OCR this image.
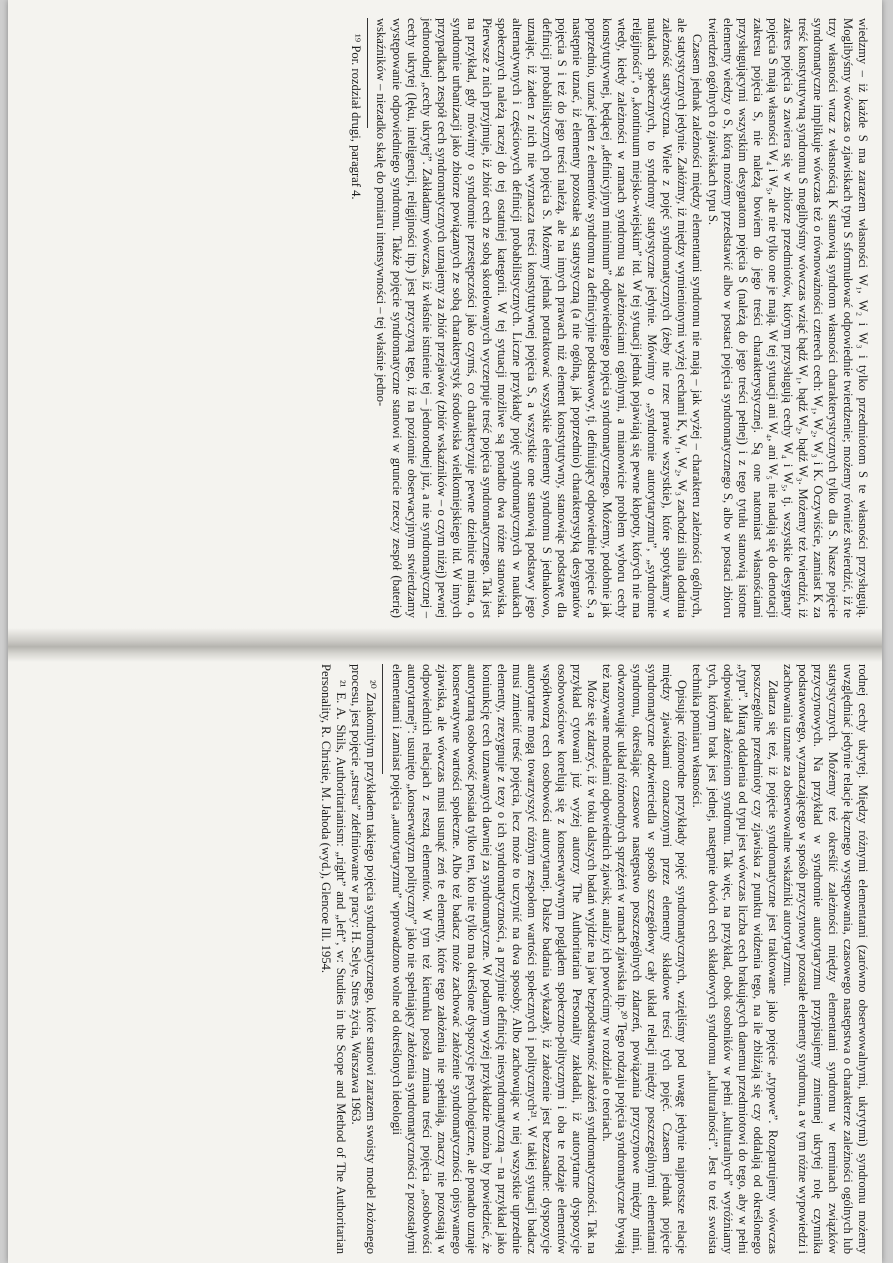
wiedzmy – iż każde S ma zarazem własności W₁, W₂ i W₃ i tylko przedmiotom S te własności przysługują. Moglibyśmy wówczas o zjawiskach typu S sformułować odpowiednie twierdzenie; możemy również stwierdzić, iż te trzy własności wraz z własnością K stanowią syndrom własności charakterystycznych tylko dla S. Nasze pojęcie syndromatyczne implikuje wówczas też o równoważności czterech cech: W₁, W₂, W₃ i K. Oczywiście, zamiast K za treść konstytutywną syndromu S moglibyśmy wówczas wziąć bądź W₁, bądź W₂, bądź W₃. Możemy też twierdzić, iż zakres pojęcia S zawiera się w zbiorze przedmiotów, którym przysługują cechy W₄ i W₅, tj. wszystkie desygnaty pojęcia S mają własności W₄ i W₅, ale nie tylko one je mają. W tej sytuacji ani W₄, ani W₅ nie nadają się do denotacji zakresu pojęcia S, nie należą bowiem do jego treści charakterystycznej. Są one natomiast własnościami przysługującymi wszystkim desygnatom pojęcia S (należą do jego treści pełnej) i z tego tytułu stanowią istotne elementy wiedzy o S, którą możemy przedstawić albo w postaci pojęcia syndromatycznego S, albo w postaci zbioru twierdzeń ogólnych o zjawiskach typu S.

Czasem jednak zależności między elementami syndromu nie mają – jak wyżej – charakteru zależności ogólnych, ale statystycznych jedynie. Załóżmy, iż między wymienionymi wyżej cechami K, W₁, W₂, W₃ zachodzi silna dodatnia zależność statystyczna. Wiele z pojęć syndromatycznych (żeby nie rzec prawie wszystkie), które spotykamy w naukach społecznych, to syndromy statystyczne jedynie. Mówimy o „syndromie autorytaryzmu”, „syndromie religijności”, o „kontinuum miejsko-wiejskim” itd. W tej sytuacji jednak pojawiają się pewne kłopoty, których nie ma wtedy, kiedy zależności w ramach syndromu są zależnościami ogólnymi, a mianowicie problem wyboru cechy konstytutywnej, będącej „definicyjnym minimum” odpowiedniego pojęcia syndromatycznego. Możemy, podobnie jak poprzednio, uznać jeden z elementów syndromu za definicyjnie podstawowy, tj. definiujący odpowiednie pojęcie S, a następnie uznać, iż elementy pozostałe są statystyczną (a nie ogólną, jak poprzednio) charakterystyką desygnatów pojęcia S i też do jego treści należą, ale na innych prawach niż element konstytutywny, stanowiąc podstawę dla definicji probabilistycznych pojęcia S. Możemy jednak potraktować wszystkie elementy syndromu S jednakowo, uznając, iż żaden z nich nie wyznacza treści konstytutywnej pojęcia S, a wszystkie one stanowią podstawy jego alternatywnych i częściowych definicji probabilistycznych. Liczne przykłady pojęć syndromatycznych w naukach społecznych należą raczej do tej ostatniej kategorii. W tej sytuacji możliwe są ponadto dwa różne stanowiska. Pierwsze z nich przyjmuje, iż zbiór cech ze sobą skorelowanych wyczerpuje treść pojęcia syndromatycznego. Tak jest na przykład, gdy mówimy o syndromie przestępczości jako czymś, co charakteryzuje pewne dzielnice miasta, o syndromie urbanizacji jako zbiorze powiązanych ze sobą charakterystyk środowiska wielkomiejskiego itd. W innych przypadkach zespół cech syndromatycznych uznajemy za zbiór przejawów (zbiór wskaźników – o czym niżej) pewnej jednorodnej „cechy ukrytej”. Zakładamy wówczas, iż właśnie istnienie tej – jednorodnej już, a nie syndromatycznej – cechy ukrytej (lęku, inteligencji, religijności itp.) jest przyczyną tego, iż na poziomie obserwacyjnym stwierdzamy występowanie odpowiedniego syndromu. Także pojęcie syndromatyczne stanowi w gruncie rzeczy zespół (baterię) wskaźników – niezadko skalę do pomiaru intensywności – tej właśnie jedno-

¹⁹ Por. rozdział drugi, paragraf 4.

rodnej cechy ukrytej. Między różnymi elementami (zarówno obserwowalnymi, ukrytymi) syndromu możemy uwzględniać jedynie relacje łącznego występowania, czasowego następstwa o charakterze zależności ogólnych lub statystycznych. Możemy też określić zależności między elementami syndromu w terminach związków przyczynowych. Na przykład w syndromie autorytaryzmu przypisujemy zmiennej ukrytej rolę czynnika podstawowego, wyznaczającego w sposób przyczynowy pozostałe elementy syndromu, a w tym różne wypowiedzi i zachowania uznane za obserwowalne wskaźniki autorytaryzmu.

Zdarza się też, iż pojęcie syndromatyczne jest traktowane jako pojęcie „typowe”. Rozpatrujemy wówczas poszczególne przedmioty czy zjawiska z punktu widzenia tego, na ile zbliżają się czy oddalają od określonego „typu”. Miarą oddalenia od typu jest wówczas liczba cech brakujących danemu przedmiotowi do tego, aby w pełni odpowiadał założeniom syndromu. Tak więc, na przykład, obok osobników w pełni „kulturalnych” wyróżniamy tych, którym brak jest jednej, następnie dwóch cech składowych syndromu „kulturalności”. Jest to też swoista technika pomiaru własności.

Opisując różnorodne przykłady pojęć syndromatycznych, wzięliśmy pod uwagę jedynie najprostsze relacje między zjawiskami oznaczonymi przez elementy składowe treści tych pojęć. Czasem jednak pojęcie syndromatyczne odzwierciedla w sposób szczegółowy cały układ relacji między poszczególnymi elementami syndromu, określając czasowe następstwo poszczególnych zdarzeń, powiązania przyczynowe między nimi, odwzorowując układ różnorodnych sprzężeń w ramach zjawiska itp.²⁰ Tego rodzaju pojęcia syndromatyczne bywają też nazywane modelami odpowiednich zjawisk; analizy ich powrócimy w rozdziale o teoriach.

Może się zdarzyć, iż w toku dalszych badań wyjdzie na jaw bezpodstawność założeń syndromatyczności. Tak na przykład cytowani już wyżej autorzy The Authoritarian Personality zakładali, iż autorytarne dyspozycje osobowościowe korelują się z konserwatywnym poglądem społeczno-politycznym i oba te rodzaje elementów współtworzą cech osobowości autorytarnej. Dalsze badania wykazały, iż założenie jest bezzasadne: dyspozycje autorytarne mogą towarzyszyć różnym zespołom wartości społecznych i politycznych²¹. W takiej sytuacji badacz musi zmienić treść pojęcia, lecz może to uczynić na dwa sposoby. Albo zachowując w niej wszystkie uprzednie elementy, zrezygnuje z tezy o ich syndromatyczności, a przyjmie definicję niesyndromatyczną – na przykład jako koniunkcję cech uznawanych dawniej za syndromatyczne. W podanym wyżej przykładzie można by powiedzieć, że autorytarną osobowość posiada tylko ten, kto nie tylko ma określone dyspozycje psychologiczne, ale ponadto uznaje konserwatywne wartości społeczne. Albo też badacz może zachować założenie syndromatyczności opisywanego zjawiska, ale wówczas musi usunąć zeń te elementy, które tego założenia nie spełniają, znaczy nie pozostają w odpowiednich relacjach z resztą elementów. W tym też kierunku poszła zmiana treści pojęcia „osobowości autorytarnej”: usunięto „konserwatyzm polityczny” jako nie spełniający założenia syndromatyczności z pozostałymi elementami i zamiast pojęcia „autorytaryzmu” wprowadzono wolne od określonych ideologii

²⁰ Znakomitym przykładem takiego pojęcia syndromatycznego, które stanowi zarazem swoisty model złożonego procesu, jest pojęcie „stresu” zdefiniowane w pracy: H. Selye, Stres życia, Warszawa 1963.

²¹ E. A. Shils, Authoritarianism: „right” and „left”, w: Studies in the Scope and Method of The Authoritarian Personality, R. Christie, M. Jahoda (wyd.), Glencoe Ill. 1954.
